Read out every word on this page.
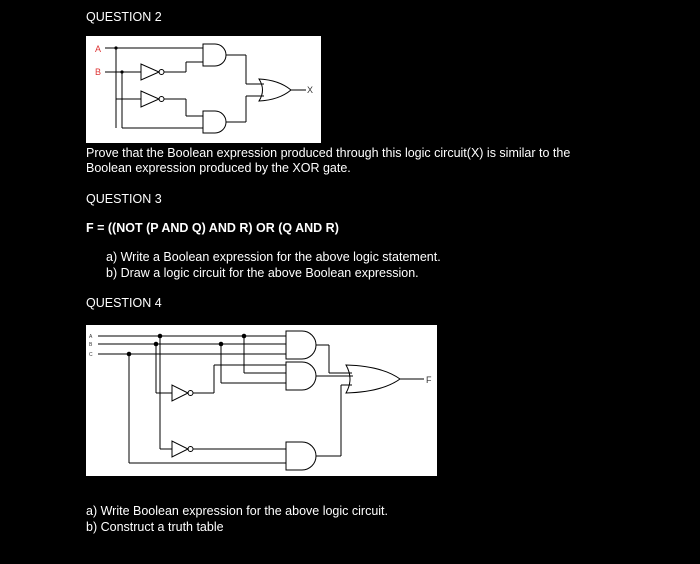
QUESTION 2
A
B
X
Prove that the Boolean expression produced through this logic circuit(X) is similar to the
Boolean expression produced by the XOR gate.
QUESTION 3
F = ((NOT (P AND Q) AND R) OR (Q AND R)
a) Write a Boolean expression for the above logic statement.
b) Draw a logic circuit for the above Boolean expression.
QUESTION 4
A
B
C
F
a) Write Boolean expression for the above logic circuit.
b) Construct a truth table
